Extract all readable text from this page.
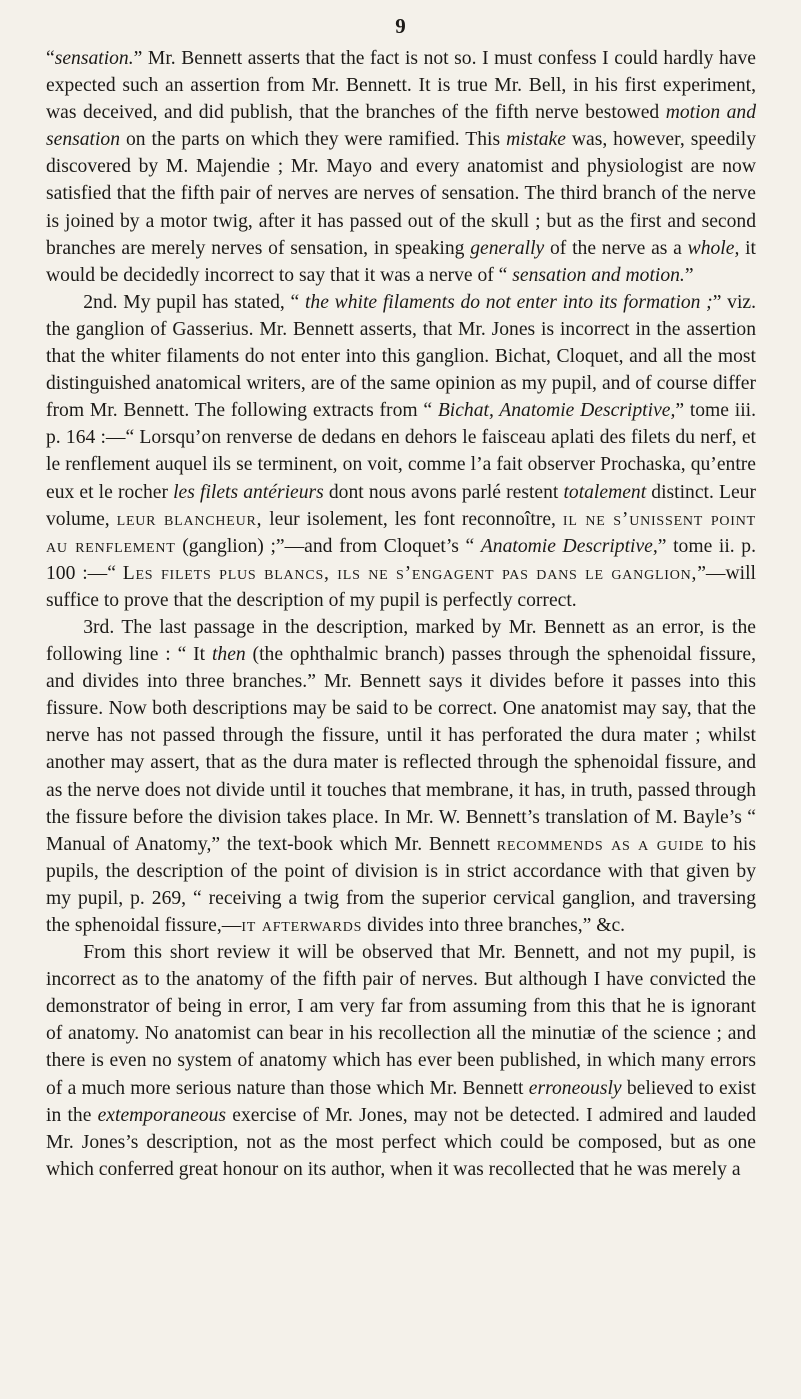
9

“sensation.” Mr. Bennett asserts that the fact is not so. I must confess I could hardly have expected such an assertion from Mr. Bennett. It is true Mr. Bell, in his first experiment, was deceived, and did publish, that the branches of the fifth nerve bestowed motion and sensation on the parts on which they were ramified. This mistake was, however, speedily discovered by M. Majendie ; Mr. Mayo and every anatomist and physiologist are now satisfied that the fifth pair of nerves are nerves of sensation. The third branch of the nerve is joined by a motor twig, after it has passed out of the skull ; but as the first and second branches are merely nerves of sensation, in speaking generally of the nerve as a whole, it would be decidedly incorrect to say that it was a nerve of “ sensation and motion.”

2nd. My pupil has stated, “ the white filaments do not enter into its formation ;” viz. the ganglion of Gasserius. Mr. Bennett asserts, that Mr. Jones is incorrect in the assertion that the whiter filaments do not enter into this ganglion. Bichat, Cloquet, and all the most distinguished anatomical writers, are of the same opinion as my pupil, and of course differ from Mr. Bennett. The following extracts from “ Bichat, Anatomie Descriptive,” tome iii. p. 164 :—“ Lorsqu’on renverse de dedans en dehors le faisceau aplati des filets du nerf, et le renflement auquel ils se terminent, on voit, comme l’a fait observer Prochaska, qu’entre eux et le rocher les filets antérieurs dont nous avons parlé restent totalement distinct. Leur volume, leur blancheur, leur isolement, les font reconnoître, il ne s’unissent point au renflement (ganglion) ;”—and from Cloquet’s “ Anatomie Descriptive,” tome ii. p. 100 :—“ Les filets plus blancs, ils ne s’engagent pas dans le ganglion,”—will suffice to prove that the description of my pupil is perfectly correct.

3rd. The last passage in the description, marked by Mr. Bennett as an error, is the following line : “ It then (the ophthalmic branch) passes through the sphenoidal fissure, and divides into three branches.” Mr. Bennett says it divides before it passes into this fissure. Now both descriptions may be said to be correct. One anatomist may say, that the nerve has not passed through the fissure, until it has perforated the dura mater ; whilst another may assert, that as the dura mater is reflected through the sphenoidal fissure, and as the nerve does not divide until it touches that membrane, it has, in truth, passed through the fissure before the division takes place. In Mr. W. Bennett’s translation of M. Bayle’s “ Manual of Anatomy,” the text-book which Mr. Bennett recommends as a guide to his pupils, the description of the point of division is in strict accordance with that given by my pupil, p. 269, “ receiving a twig from the superior cervical ganglion, and traversing the sphenoidal fissure,—it afterwards divides into three branches,” &c.

From this short review it will be observed that Mr. Bennett, and not my pupil, is incorrect as to the anatomy of the fifth pair of nerves. But although I have convicted the demonstrator of being in error, I am very far from assuming from this that he is ignorant of anatomy. No anatomist can bear in his recollection all the minutiæ of the science ; and there is even no system of anatomy which has ever been published, in which many errors of a much more serious nature than those which Mr. Bennett erroneously believed to exist in the extemporaneous exercise of Mr. Jones, may not be detected. I admired and lauded Mr. Jones’s description, not as the most perfect which could be composed, but as one which conferred great honour on its author, when it was recollected that he was merely a
